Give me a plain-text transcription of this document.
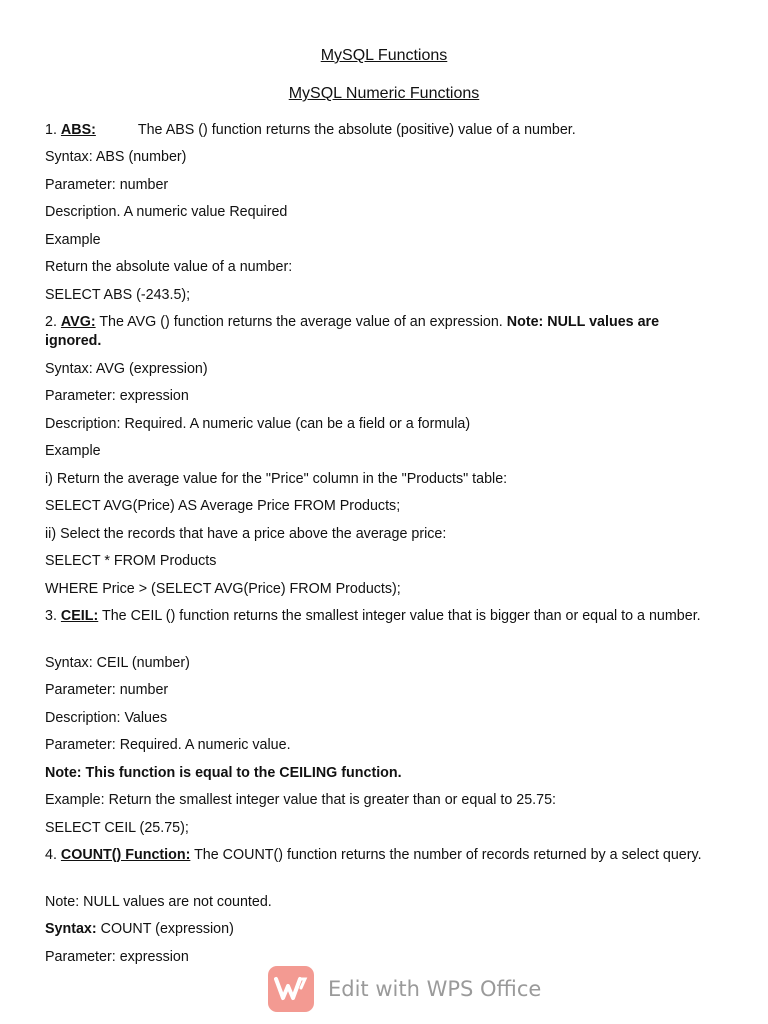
MySQL Functions
MySQL Numeric Functions
1. ABS:	The ABS () function returns the absolute (positive) value of a number.
Syntax: ABS (number)
Parameter: number
Description. A numeric value Required
Example
Return the absolute value of a number:
SELECT ABS (-243.5);
2. AVG: The AVG () function returns the average value of an expression. Note: NULL values are ignored.
Syntax: AVG (expression)
Parameter: expression
Description: Required. A numeric value (can be a field or a formula)
Example
i) Return the average value for the "Price" column in the "Products" table:
SELECT AVG(Price) AS Average Price FROM Products;
ii) Select the records that have a price above the average price:
SELECT * FROM Products
WHERE Price > (SELECT AVG(Price) FROM Products);
3. CEIL: The CEIL () function returns the smallest integer value that is bigger than or equal to a number.
Syntax: CEIL (number)
Parameter: number
Description: Values
Parameter: Required. A numeric value.
Note: This function is equal to the CEILING function.
Example: Return the smallest integer value that is greater than or equal to 25.75:
SELECT CEIL (25.75);
4. COUNT() Function: The COUNT() function returns the number of records returned by a select query.
Note: NULL values are not counted.
Syntax: COUNT (expression)
Parameter: expression
Edit with WPS Office
